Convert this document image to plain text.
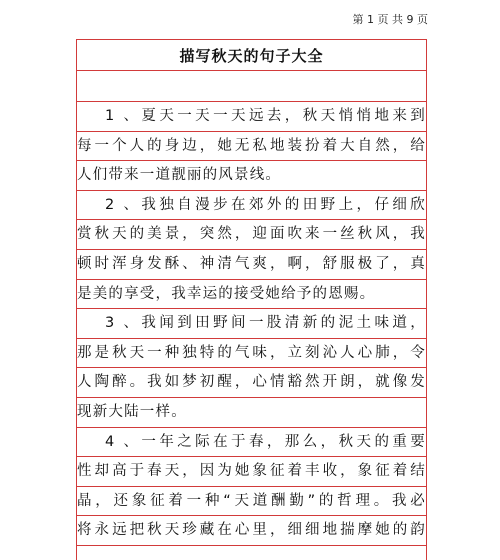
第 1 页 共 9 页
描写秋天的句子大全
1 、夏天一天一天远去，秋天悄悄地来到
每一个人的身边，她无私地装扮着大自然，给
人们带来一道靓丽的风景线。
2 、我独自漫步在郊外的田野上，仔细欣
赏秋天的美景，突然，迎面吹来一丝秋风，我
顿时浑身发酥、神清气爽，啊，舒服极了，真
是美的享受，我幸运的接受她给予的恩赐。
3 、我闻到田野间一股清新的泥土味道，
那是秋天一种独特的气味，立刻沁人心肺，令
人陶醉。我如梦初醒，心情豁然开朗，就像发
现新大陆一样。
4 、一年之际在于春，那么，秋天的重要
性却高于春天，因为她象征着丰收，象征着结
晶，还象征着一种“天道酬勤”的哲理。我必
将永远把秋天珍藏在心里，细细地揣摩她的韵
